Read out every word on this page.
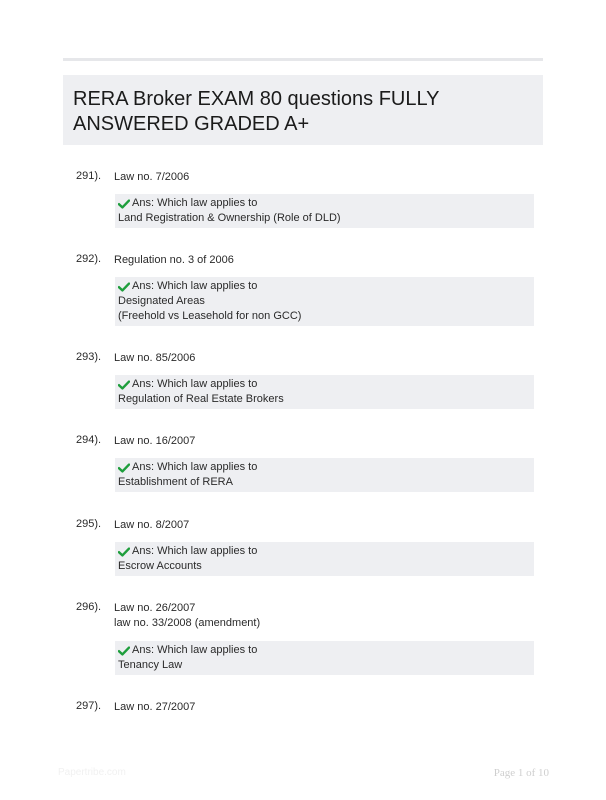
RERA Broker EXAM 80 questions FULLY
ANSWERED GRADED A+
291). Law no. 7/2006
Ans: Which law applies to
Land Registration & Ownership (Role of DLD)
292). Regulation no. 3 of 2006
Ans: Which law applies to
Designated Areas
(Freehold vs Leasehold for non GCC)
293). Law no. 85/2006
Ans: Which law applies to
Regulation of Real Estate Brokers
294). Law no. 16/2007
Ans: Which law applies to
Establishment of RERA
295). Law no. 8/2007
Ans: Which law applies to
Escrow Accounts
296). Law no. 26/2007
law no. 33/2008 (amendment)
Ans: Which law applies to
Tenancy Law
297). Law no. 27/2007
Papertribe.com	Page 1 of 10
